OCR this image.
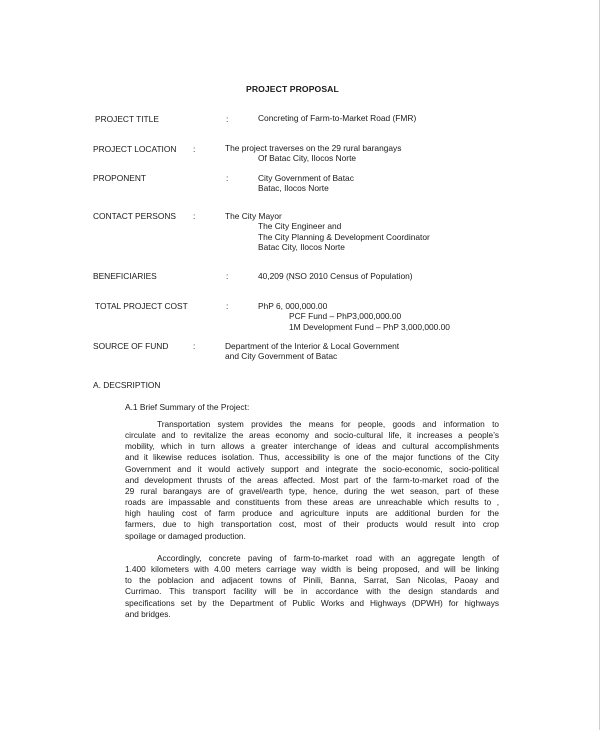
PROJECT PROPOSAL
PROJECT TITLE	:	Concreting of Farm-to-Market Road (FMR)
PROJECT LOCATION :	The project traverses on the 29 rural barangays
Of Batac City, Ilocos Norte
PROPONENT	:	City Government of Batac
Batac, Ilocos Norte
CONTACT PERSONS :	The City Mayor
The City Engineer and
The City Planning & Development Coordinator
Batac City, Ilocos Norte
BENEFICIARIES	:	40,209 (NSO 2010 Census of Population)
TOTAL PROJECT COST	:	PhP 6, 000,000.00
PCF Fund – PhP3,000,000.00
1M Development Fund – PhP 3,000,000.00
SOURCE OF FUND	:	Department of the Interior & Local Government
and City Government of Batac
A. DECSRIPTION
A.1 Brief Summary of the Project:
Transportation system provides the means for people, goods and information to
circulate and to revitalize the areas economy and socio-cultural life, it increases a people’s
mobility, which in turn allows a greater interchange of ideas and cultural accomplishments
and it likewise reduces isolation. Thus, accessibility is one of the major functions of the City
Government and it would actively support and integrate the socio-economic, socio-political
and development thrusts of the areas affected. Most part of the farm-to-market road of the
29 rural barangays are of gravel/earth type, hence, during the wet season, part of these
roads are impassable and constituents from these areas are unreachable which results to ,
high hauling cost of farm produce and agriculture inputs are additional burden for the
farmers, due to high transportation cost, most of their products would result into crop
spoilage or damaged production.
Accordingly, concrete paving of farm-to-market road with an aggregate length of
1.400 kilometers with 4.00 meters carriage way width is being proposed, and will be linking
to the poblacion and adjacent towns of Pinili, Banna, Sarrat, San Nicolas, Paoay and
Currimao. This transport facility will be in accordance with the design standards and
specifications set by the Department of Public Works and Highways (DPWH) for highways
and bridges.
